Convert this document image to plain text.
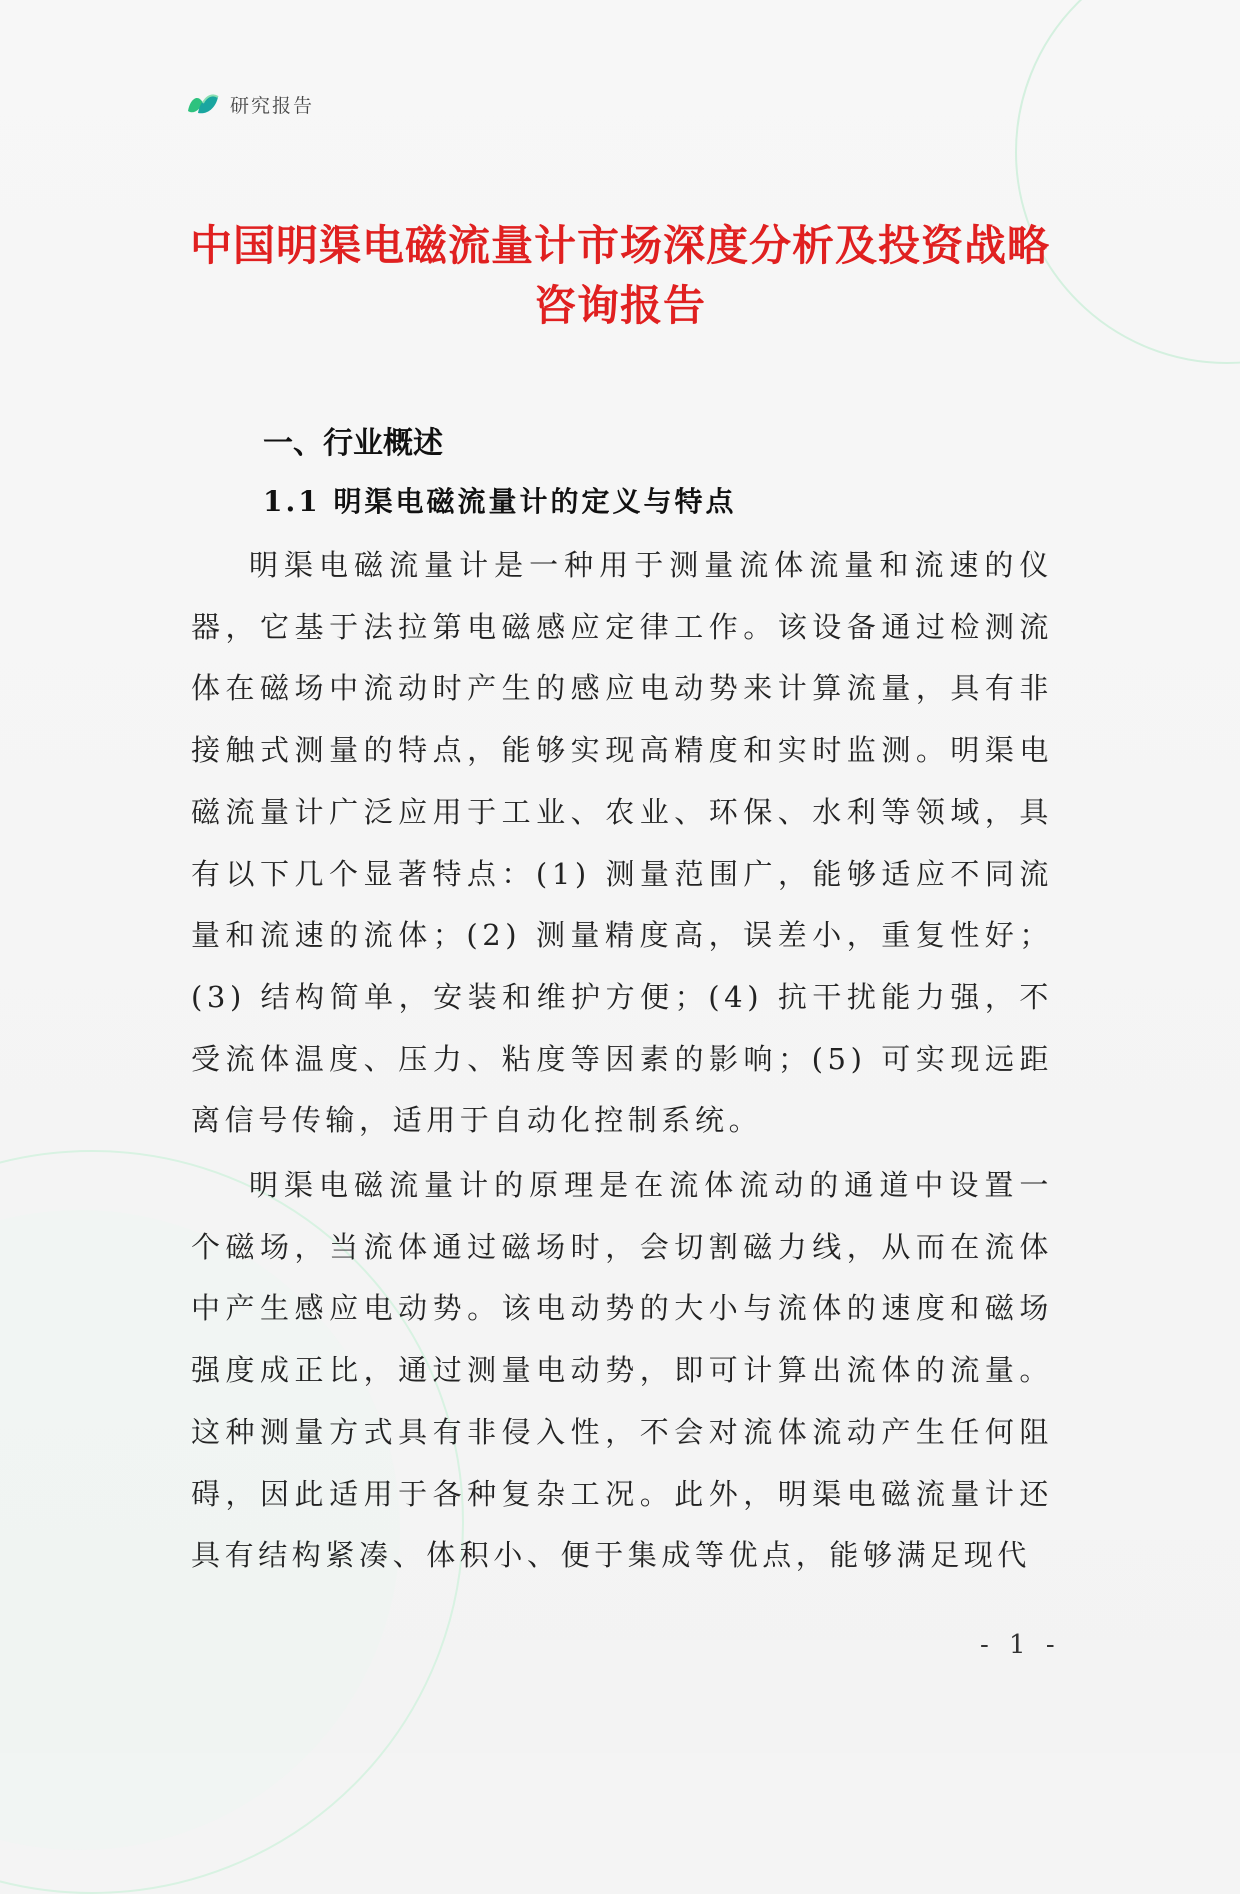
研究报告
中国明渠电磁流量计市场深度分析及投资战略咨询报告
一、行业概述
1.1 明渠电磁流量计的定义与特点

明渠电磁流量计是一种用于测量流体流量和流速的仪器，它基于法拉第电磁感应定律工作。该设备通过检测流体在磁场中流动时产生的感应电动势来计算流量，具有非接触式测量的特点，能够实现高精度和实时监测。明渠电磁流量计广泛应用于工业、农业、环保、水利等领域，具有以下几个显著特点：(1) 测量范围广，能够适应不同流量和流速的流体；(2) 测量精度高，误差小，重复性好；(3) 结构简单，安装和维护方便；(4) 抗干扰能力强，不受流体温度、压力、粘度等因素的影响；(5) 可实现远距离信号传输，适用于自动化控制系统。

明渠电磁流量计的原理是在流体流动的通道中设置一个磁场，当流体通过磁场时，会切割磁力线，从而在流体中产生感应电动势。该电动势的大小与流体的速度和磁场强度成正比，通过测量电动势，即可计算出流体的流量。这种测量方式具有非侵入性，不会对流体流动产生任何阻碍，因此适用于各种复杂工况。此外，明渠电磁流量计还具有结构紧凑、体积小、便于集成等优点，能够满足现代

- 1 -
